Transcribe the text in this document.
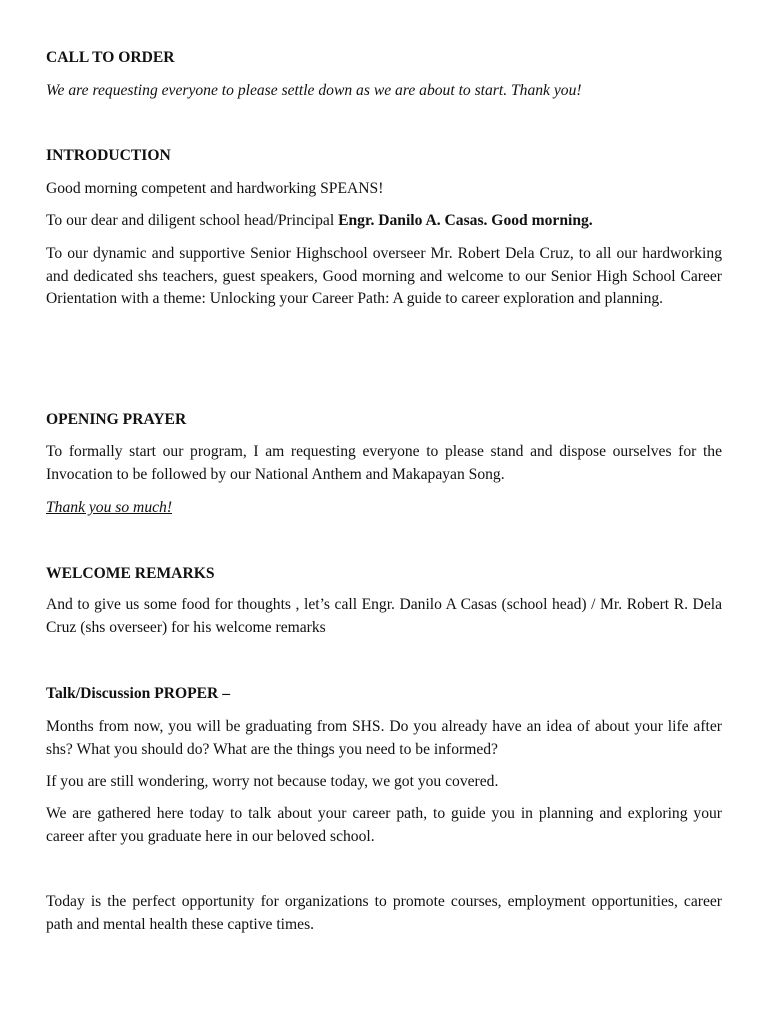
CALL TO ORDER
We are requesting everyone to please settle down as we are about to start. Thank you!
INTRODUCTION
Good morning competent and hardworking SPEANS!
To our dear and diligent school head/Principal Engr. Danilo A. Casas. Good morning.
To our dynamic and supportive Senior Highschool overseer Mr. Robert Dela Cruz, to all our hardworking and dedicated shs teachers, guest speakers, Good morning and welcome to our Senior High School Career Orientation with a theme: Unlocking your Career Path: A guide to career exploration and planning.
OPENING PRAYER
To formally start our program, I am requesting everyone to please stand and dispose ourselves for the Invocation to be followed by our National Anthem and Makapayan Song.
Thank you so much!
WELCOME REMARKS
And to give us some food for thoughts , let’s call Engr. Danilo A Casas (school head) / Mr. Robert R. Dela Cruz (shs overseer) for his welcome remarks
Talk/Discussion PROPER –
Months from now, you will be graduating from SHS. Do you already have an idea of about your life after shs? What you should do? What are the things you need to be informed?
If you are still wondering, worry not because today, we got you covered.
We are gathered here today to talk about your career path, to guide you in planning and exploring your career after you graduate here in our beloved school.
Today is the perfect opportunity for organizations to promote courses, employment opportunities, career path and mental health these captive times.
